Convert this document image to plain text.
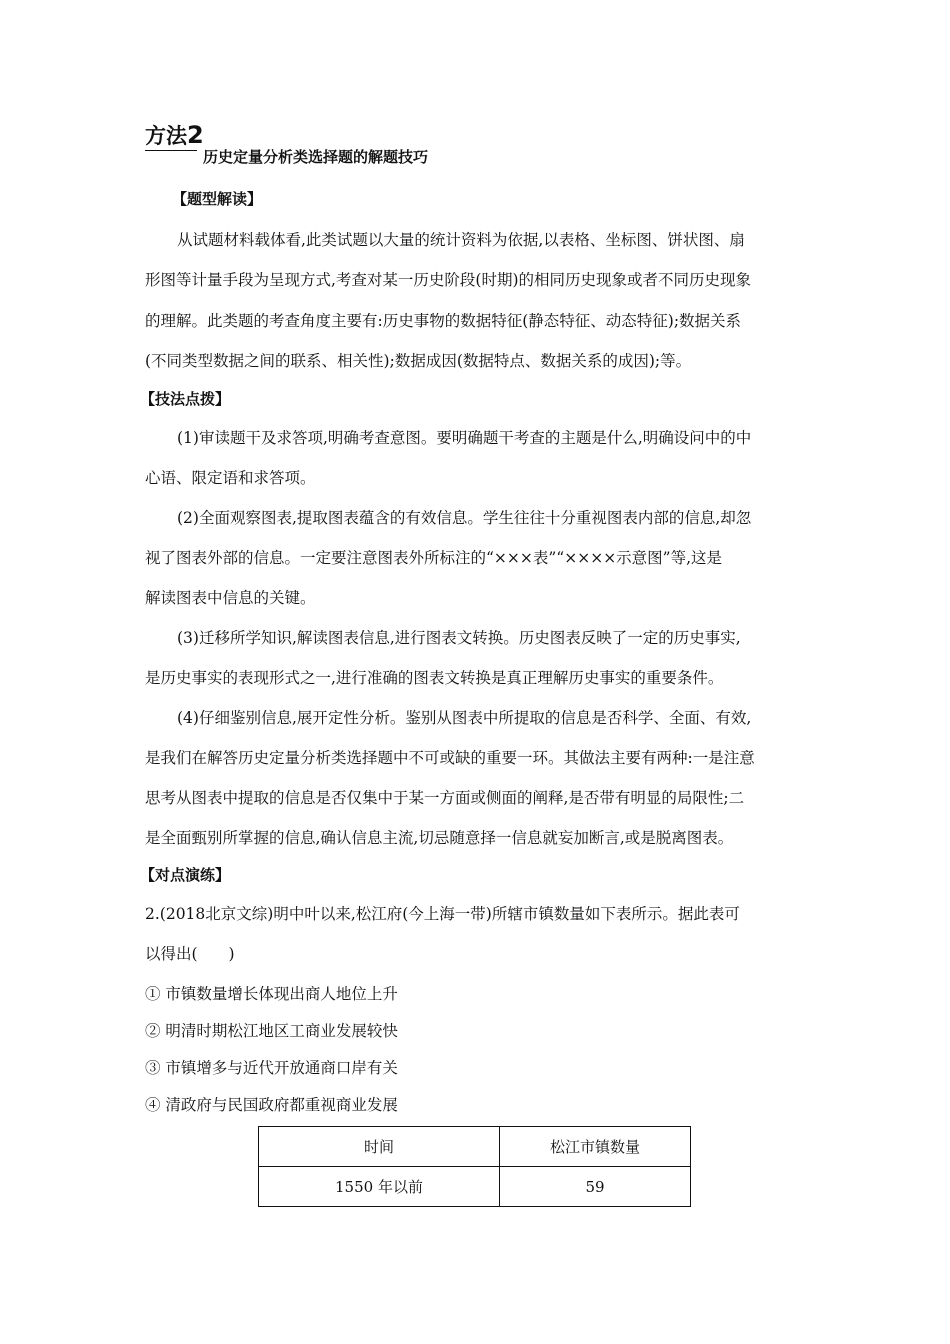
方法2
历史定量分析类选择题的解题技巧
【题型解读】
从试题材料载体看,此类试题以大量的统计资料为依据,以表格、坐标图、饼状图、扇
形图等计量手段为呈现方式,考查对某一历史阶段(时期)的相同历史现象或者不同历史现象
的理解。此类题的考查角度主要有:历史事物的数据特征(静态特征、动态特征);数据关系
(不同类型数据之间的联系、相关性);数据成因(数据特点、数据关系的成因);等。
【技法点拨】
(1)审读题干及求答项,明确考查意图。要明确题干考查的主题是什么,明确设问中的中
心语、限定语和求答项。
(2)全面观察图表,提取图表蕴含的有效信息。学生往往十分重视图表内部的信息,却忽
视了图表外部的信息。一定要注意图表外所标注的“×××表”“××××示意图”等,这是
解读图表中信息的关键。
(3)迁移所学知识,解读图表信息,进行图表文转换。历史图表反映了一定的历史事实,
是历史事实的表现形式之一,进行准确的图表文转换是真正理解历史事实的重要条件。
(4)仔细鉴别信息,展开定性分析。鉴别从图表中所提取的信息是否科学、全面、有效,
是我们在解答历史定量分析类选择题中不可或缺的重要一环。其做法主要有两种:一是注意
思考从图表中提取的信息是否仅集中于某一方面或侧面的阐释,是否带有明显的局限性;二
是全面甄别所掌握的信息,确认信息主流,切忌随意择一信息就妄加断言,或是脱离图表。
【对点演练】
2.(2018北京文综)明中叶以来,松江府(今上海一带)所辖市镇数量如下表所示。据此表可
以得出(　　)
① 市镇数量增长体现出商人地位上升
② 明清时期松江地区工商业发展较快
③ 市镇增多与近代开放通商口岸有关
④ 清政府与民国政府都重视商业发展
时间	松江市镇数量
1550 年以前	59
